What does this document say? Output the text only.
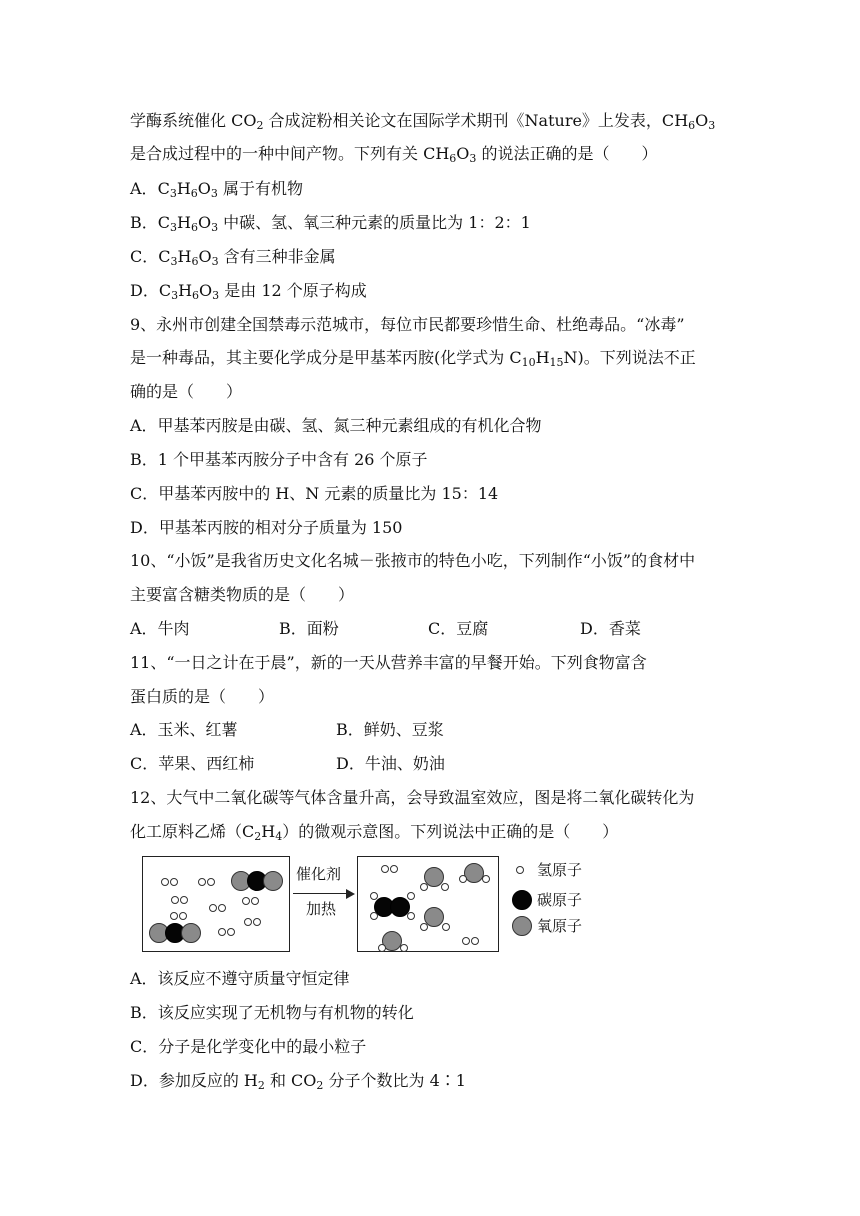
学酶系统催化 $CO_2$ 合成淀粉相关论文在国际学术期刊《Nature》上发表，$CH_6O_3$
是合成过程中的一种中间产物。下列有关 $CH_6O_3$ 的说法正确的是（　　）
A．$C_3H_6O_3$ 属于有机物
B．$C_3H_6O_3$ 中碳、氢、氧三种元素的质量比为 1：2：1
C．$C_3H_6O_3$ 含有三种非金属
D．$C_3H_6O_3$ 是由 12 个原子构成
9、永州市创建全国禁毒示范城市，每位市民都要珍惜生命、杜绝毒品。“冰毒”
是一种毒品，其主要化学成分是甲基苯丙胺(化学式为 $C_{10}H_{15}N$)。下列说法不正
确的是（　　）
A．甲基苯丙胺是由碳、氢、氮三种元素组成的有机化合物
B．1 个甲基苯丙胺分子中含有 26 个原子
C．甲基苯丙胺中的 H、N 元素的质量比为 15：14
D．甲基苯丙胺的相对分子质量为 150
10、“小饭”是我省历史文化名城－张掖市的特色小吃，下列制作“小饭”的食材中
主要富含糖类物质的是（　　）
A．牛肉	B．面粉	C．豆腐	D．香菜
11、“一日之计在于晨”，新的一天从营养丰富的早餐开始。下列食物富含
蛋白质的是（　　）
A．玉米、红薯	B．鲜奶、豆浆
C．苹果、西红柿	D．牛油、奶油
12、大气中二氧化碳等气体含量升高，会导致温室效应，图是将二氧化碳转化为
化工原料乙烯$(C_2H_4)$的微观示意图。下列说法中正确的是（　　）
催化剂
加热
氢原子
碳原子
氧原子
A．该反应不遵守质量守恒定律
B．该反应实现了无机物与有机物的转化
C．分子是化学变化中的最小粒子
D．参加反应的 $H_2$ 和 $CO_2$ 分子个数比为 4∶1
